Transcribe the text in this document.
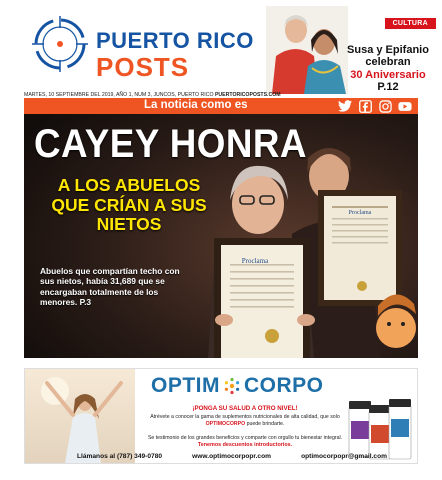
PUERTO RICO
POSTS
CULTURA
Susa y Epifanio
celebran
30 Aniversario
P.12
MARTES, 10 SEPTIEMBRE DEL 2019, AÑO 1, NUM 3, JUNCOS, PUERTO RICO PUERTORICOPOSTS.COM
La noticia como es
CAYEY HONRA
A LOS ABUELOS
QUE CRÍAN A SUS
NIETOS
Abuelos que compartían techo con sus nietos, había 31,689 que se encargaban totalmente de los menores. P.3
Proclama
Proclama
OPTIM CORPO
¡PONGA SU SALUD A OTRO NIVEL!
Atrévete a conocer la gama de suplementos nutricionales de alta calidad, que solo
OPTIMOCORPO puede brindarte.
Se testimonio de los grandes beneficios y comparte con orgullo tu bienestar integral.
Tenemos descuentos introductorios.
Llámanos al (787) 349-0780	www.optimocorpopr.com	optimocorpopr@gmail.com
